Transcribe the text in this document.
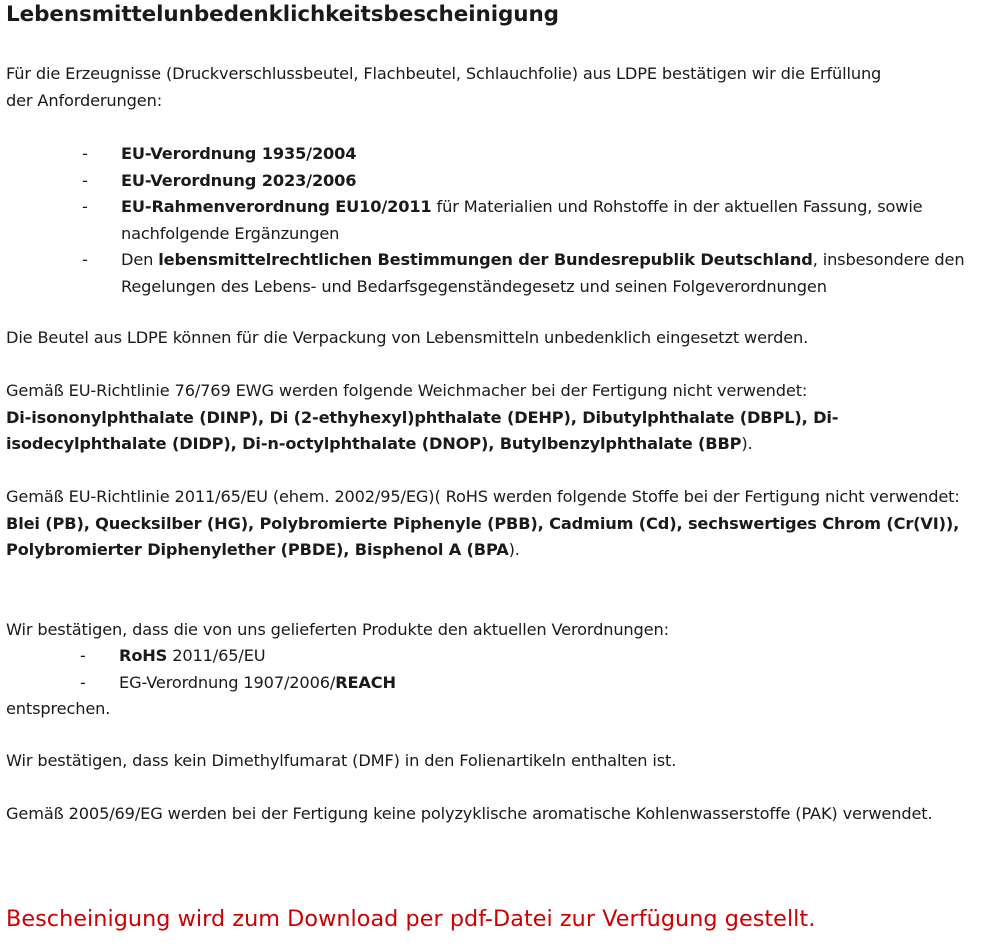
Lebensmittelunbedenklichkeitsbescheinigung
Für die Erzeugnisse (Druckverschlussbeutel, Flachbeutel, Schlauchfolie) aus LDPE bestätigen wir die Erfüllung
der Anforderungen:
- EU-Verordnung 1935/2004
- EU-Verordnung 2023/2006
- EU-Rahmenverordnung EU10/2011 für Materialien und Rohstoffe in der aktuellen Fassung, sowie nachfolgende Ergänzungen
- Den lebensmittelrechtlichen Bestimmungen der Bundesrepublik Deutschland, insbesondere den Regelungen des Lebens- und Bedarfsgegenständegesetz und seinen Folgeverordnungen
Die Beutel aus LDPE können für die Verpackung von Lebensmitteln unbedenklich eingesetzt werden.
Gemäß EU-Richtlinie 76/769 EWG werden folgende Weichmacher bei der Fertigung nicht verwendet:
Di-isononylphthalate (DINP), Di (2-ethyhexyl)phthalate (DEHP), Dibutylphthalate (DBPL), Di-isodecylphthalate (DIDP), Di-n-octylphthalate (DNOP), Butylbenzylphthalate (BBP).
Gemäß EU-Richtlinie 2011/65/EU (ehem. 2002/95/EG)( RoHS werden folgende Stoffe bei der Fertigung nicht verwendet:
Blei (PB), Quecksilber (HG), Polybromierte Piphenyle (PBB), Cadmium (Cd), sechswertiges Chrom (Cr(VI)), Polybromierter Diphenylether (PBDE), Bisphenol A (BPA).
Wir bestätigen, dass die von uns gelieferten Produkte den aktuellen Verordnungen:
- RoHS 2011/65/EU
- EG-Verordnung 1907/2006/REACH
entsprechen.
Wir bestätigen, dass kein Dimethylfumarat (DMF) in den Folienartikeln enthalten ist.
Gemäß 2005/69/EG werden bei der Fertigung keine polyzyklische aromatische Kohlenwasserstoffe (PAK) verwendet.
Bescheinigung wird zum Download per pdf-Datei zur Verfügung gestellt.
